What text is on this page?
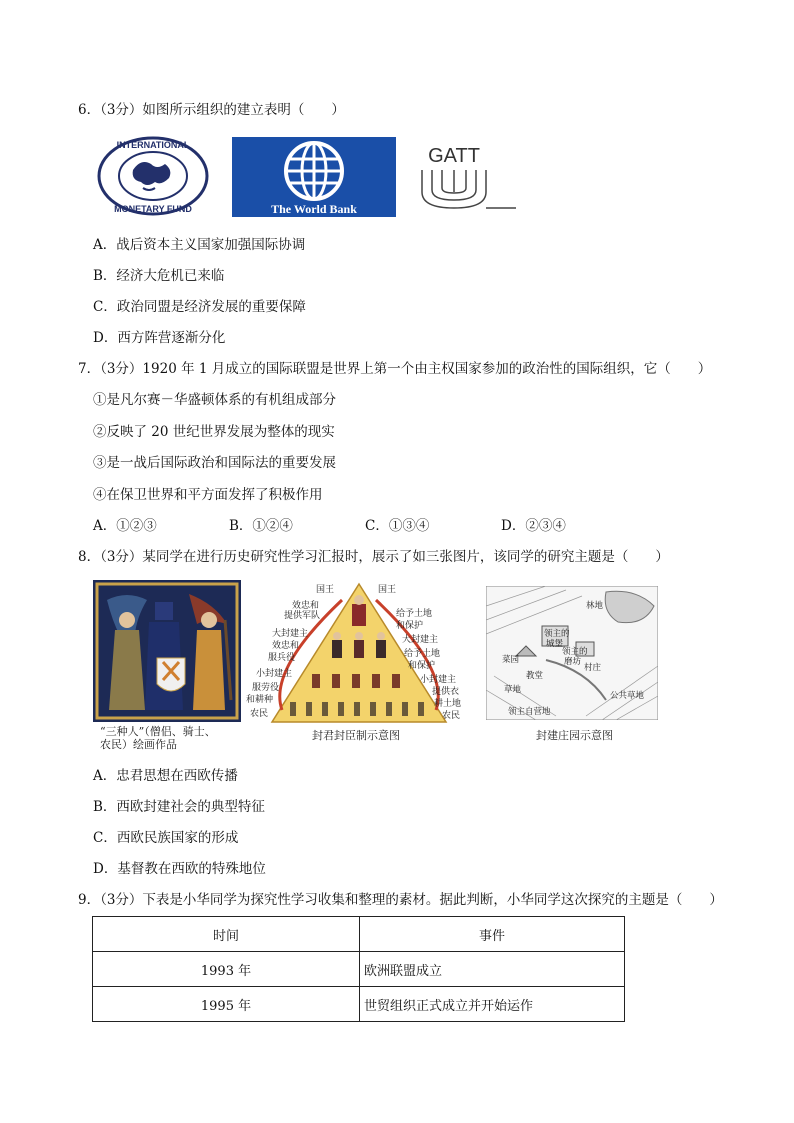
6．（3分）如图所示组织的建立表明（　　）
INTERNATIONAL
MONETARY FUND	The World Bank
GATT
A．战后资本主义国家加强国际协调
B．经济大危机已来临
C．政治同盟是经济发展的重要保障
D．西方阵营逐渐分化
7．（3分）1920 年 1 月成立的国际联盟是世界上第一个由主权国家参加的政治性的国际组织，它（　　）
①是凡尔赛－华盛顿体系的有机组成部分
②反映了 20 世纪世界发展为整体的现实
③是一战后国际政治和国际法的重要发展
④在保卫世界和平方面发挥了积极作用
A．①②③	B．①②④	C．①③④	D．②③④
8．（3分）某同学在进行历史研究性学习汇报时，展示了如三张图片，该同学的研究主题是（　　）
“三种人”（僧侣、骑士、
农民）绘画作品
国王	国王
效忠和
提供军队
大封建主
效忠和
服兵役
小封建主
服劳役
和耕种
农民
给予土地
和保护
大封建主
给予土地
和保护
小封建主
提供衣
耕土地
农民
封君封臣制示意图
领主的
城堡
领主的
磨坊
菜园
教堂
村庄
草地
领主自营地
公共草地
林地
封建庄园示意图
A．忠君思想在西欧传播
B．西欧封建社会的典型特征
C．西欧民族国家的形成
D．基督教在西欧的特殊地位
9．（3分）下表是小华同学为探究性学习收集和整理的素材。据此判断，小华同学这次探究的主题是（　　）
时间	事件
1993 年	欧洲联盟成立
1995 年	世贸组织正式成立并开始运作
